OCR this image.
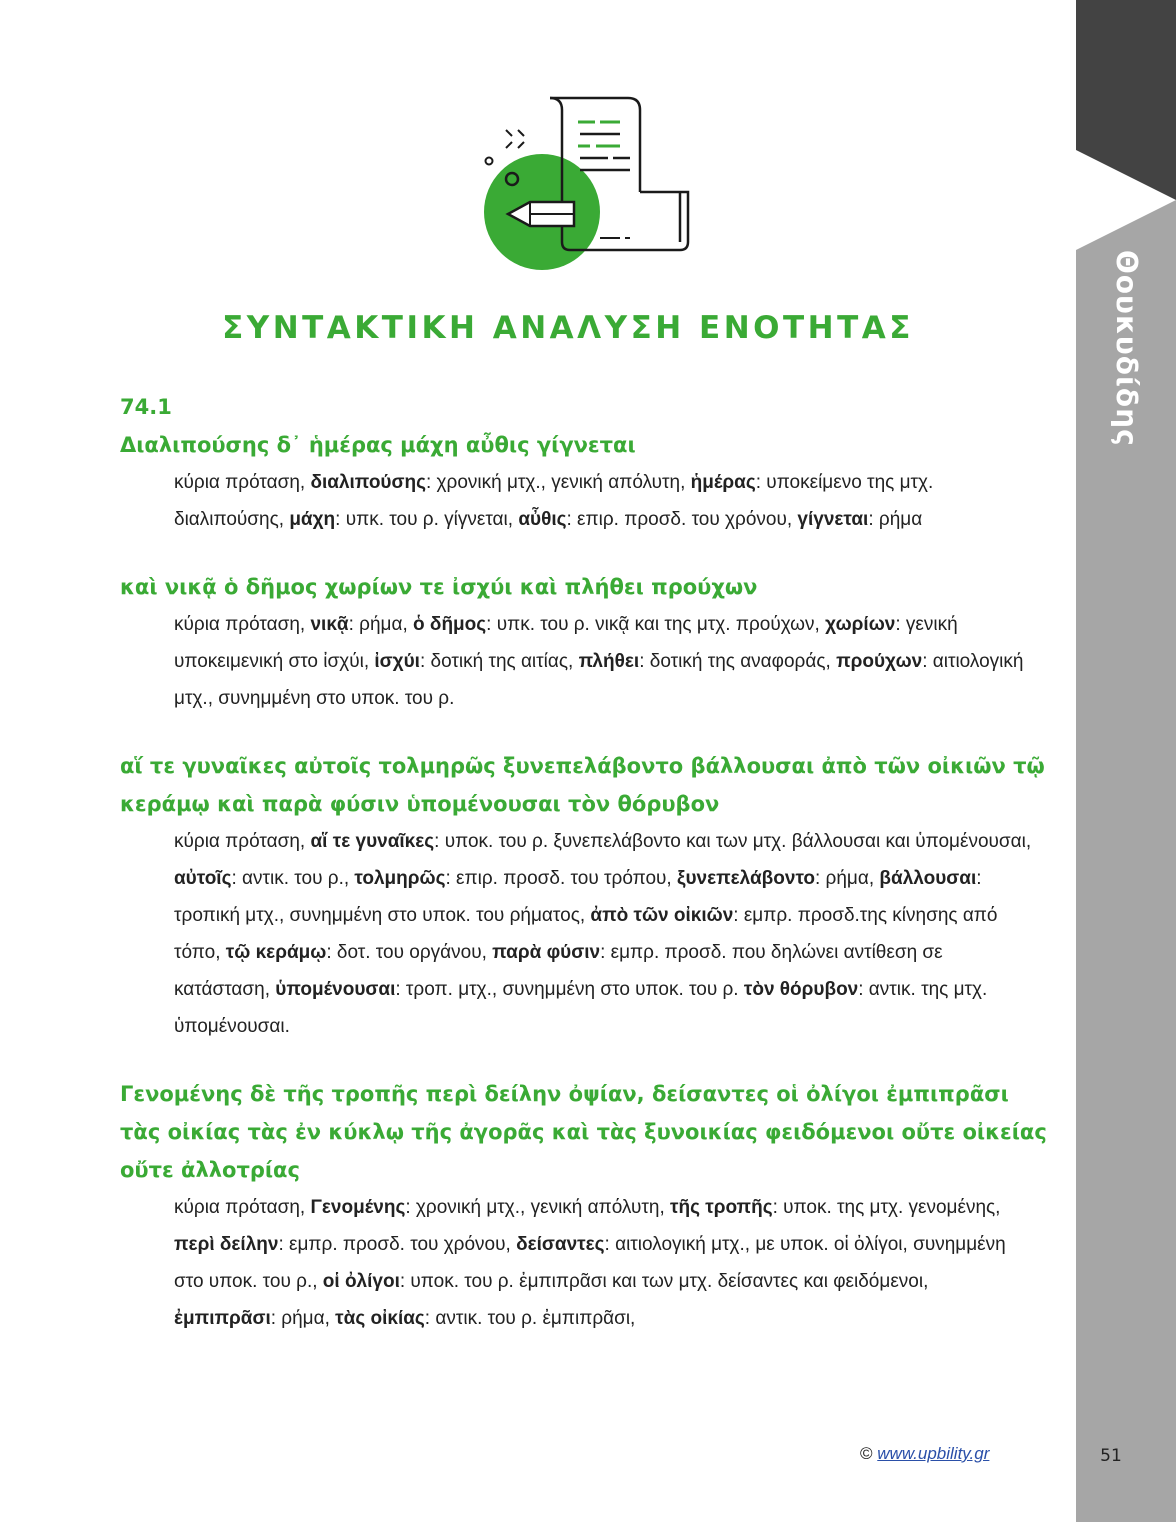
Θουκυδίδης
51
ΣΥΝΤΑΚΤΙΚΗ ΑΝΑΛΥΣΗ ΕΝΟΤΗΤΑΣ

74.1

Διαλιπούσης δ᾽ ἡμέρας μάχη αὖθις γίγνεται

κύρια πρόταση, διαλιπούσης: χρονική μτχ., γενική απόλυτη, ἡμέρας: υποκείμενο της μτχ. διαλιπούσης, μάχη: υπκ. του ρ. γίγνεται, αὖθις: επιρ. προσδ. του χρόνου, γίγνεται: ρήμα

καὶ νικᾷ ὁ δῆμος χωρίων τε ἰσχύι καὶ πλήθει προύχων

κύρια πρόταση, νικᾷ: ρήμα, ὁ δῆμος: υπκ. του ρ. νικᾷ και της μτχ. προύχων, χωρίων: γενική υποκειμενική στο ἰσχύι, ἰσχύι: δοτική της αιτίας, πλήθει: δοτική της αναφοράς, προύχων: αιτιολογική μτχ., συνημμένη στο υποκ. του ρ.

αἵ τε γυναῖκες αὐτοῖς τολμηρῶς ξυνεπελάβοντο βάλλουσαι ἀπὸ τῶν οἰκιῶν τῷ κεράμῳ καὶ παρὰ φύσιν ὑπομένουσαι τὸν θόρυβον

κύρια πρόταση, αἵ τε γυναῖκες: υποκ. του ρ. ξυνεπελάβοντο και των μτχ. βάλλουσαι και ὑπομένουσαι, αὐτοῖς: αντικ. του ρ., τολμηρῶς: επιρ. προσδ. του τρόπου, ξυνεπελάβοντο: ρήμα, βάλλουσαι: τροπική μτχ., συνημμένη στο υποκ. του ρήματος, ἀπὸ τῶν οἰκιῶν: εμπρ. προσδ.της κίνησης από τόπο, τῷ κεράμῳ: δοτ. του οργάνου, παρὰ φύσιν: εμπρ. προσδ. που δηλώνει αντίθεση σε κατάσταση, ὑπομένουσαι: τροπ. μτχ., συνημμένη στο υποκ. του ρ. τὸν θόρυβον: αντικ. της μτχ. ὑπομένουσαι.

Γενομένης δὲ τῆς τροπῆς περὶ δείλην ὀψίαν, δείσαντες οἱ ὀλίγοι ἐμπιπρᾶσι τὰς οἰκίας τὰς ἐν κύκλῳ τῆς ἀγορᾶς καὶ τὰς ξυνοικίας φειδόμενοι οὔτε οἰκείας οὔτε ἀλλοτρίας

κύρια πρόταση, Γενομένης: χρονική μτχ., γενική απόλυτη, τῆς τροπῆς: υποκ. της μτχ. γενομένης, περὶ δείλην: εμπρ. προσδ. του χρόνου, δείσαντες: αιτιολογική μτχ., με υποκ. οἱ ὀλίγοι, συνημμένη στο υποκ. του ρ., οἱ ὀλίγοι: υποκ. του ρ. ἐμπιπρᾶσι και των μτχ. δείσαντες και φειδόμενοι, ἐμπιπρᾶσι: ρήμα, τὰς οἰκίας: αντικ. του ρ. ἐμπιπρᾶσι,

© www.upbility.gr
